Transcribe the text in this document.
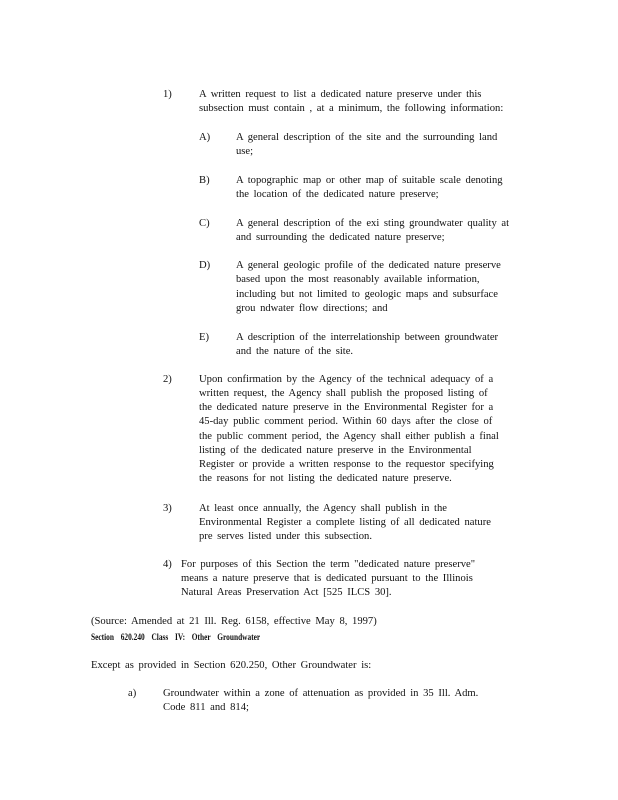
1)	A written request to list a dedicated nature preserve under this
subsection must contain , at a minimum, the following information:
A) A general description of the site and the surrounding land
use;
B) A topographic map or other map of suitable scale denoting
the location of the dedicated nature preserve;
C) A general description of the exi sting groundwater quality at
and surrounding the dedicated nature preserve;
D) A general geologic profile of the dedicated nature preserve
based upon the most reasonably available information,
including but not limited to geologic maps and subsurface
grou ndwater flow directions; and
E)	A description of the interrelationship between groundwater
and the nature of the site.
2)	Upon confirmation by the Agency of the technical adequacy of a
written request, the Agency shall publish the proposed listing of
the dedicated nature preserve in the Environmental Register for a
45-day public comment period. Within 60 days after the close of
the public comment period, the Agency shall either publish a final
listing of the dedicated nature preserve in the Environmental
Register or provide a written response to the requestor specifying
the reasons for not listing the dedicated nature preserve.
3)	At least once annually, the Agency shall publish in the
Environmental Register a complete listing of all dedicated nature
pre serves listed under this subsection.
4) For purposes of this Section the term "dedicated nature preserve"
means a nature preserve that is dedicated pursuant to the Illinois
Natural Areas Preservation Act [525 ILCS 30].
(Source: Amended at 21 Ill. Reg. 6158, effective May 8, 1997)
Section 620.240 Class IV: Other Groundwater
Except as provided in Section 620.250, Other Groundwater is:
a)	Groundwater within a zone of attenuation as provided in 35 Ill. Adm.
Code 811 and 814;
